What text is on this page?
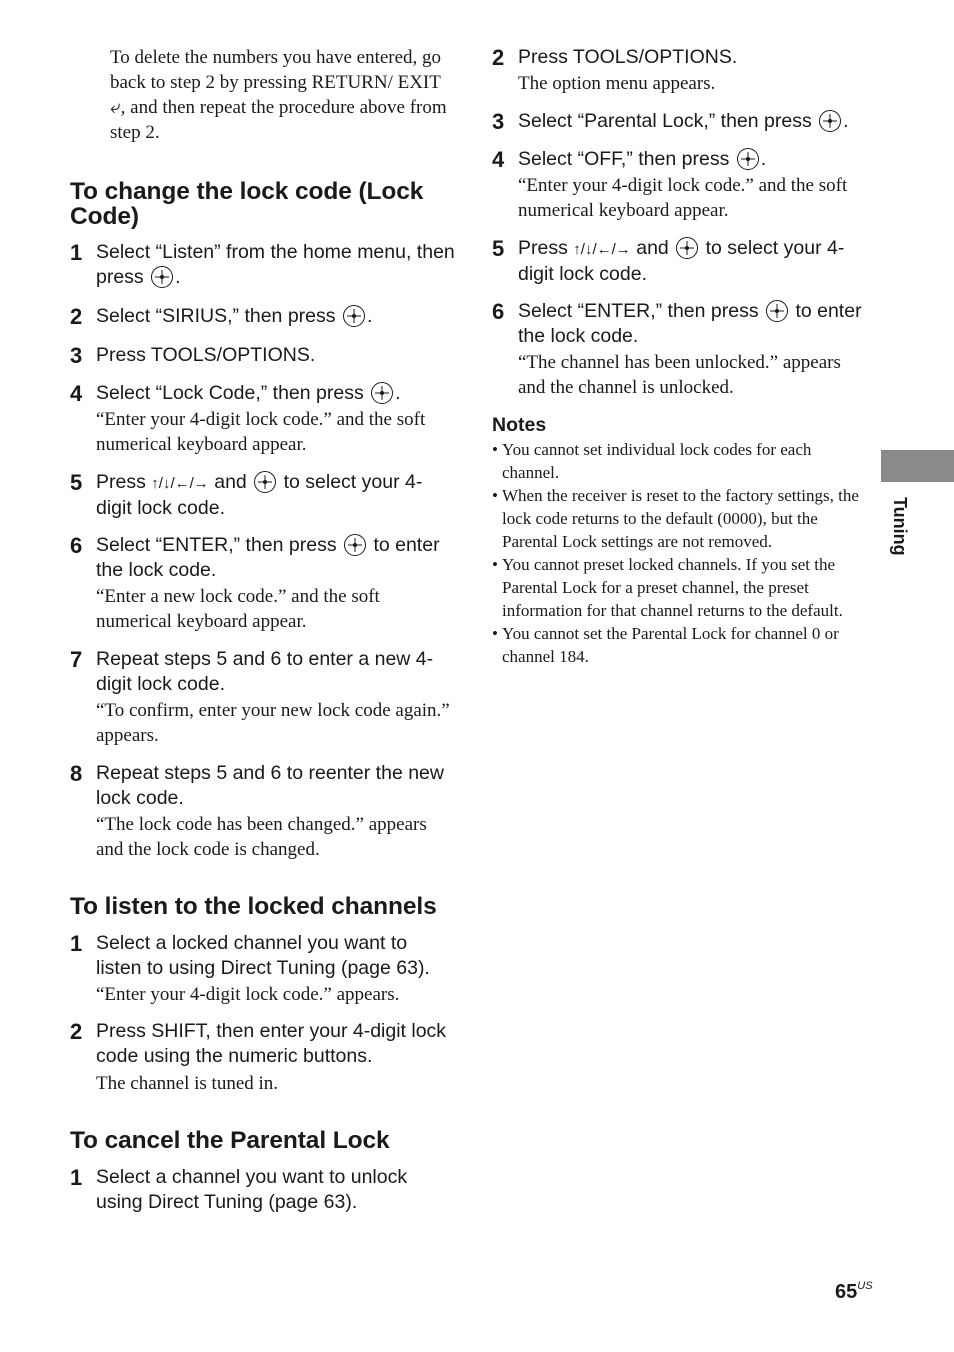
To delete the numbers you have entered, go back to step 2 by pressing RETURN/ EXIT ⤶, and then repeat the procedure above from step 2.
To change the lock code (Lock Code)
1 Select “Listen” from the home menu, then press .
2 Select “SIRIUS,” then press .
3 Press TOOLS/OPTIONS.
4 Select “Lock Code,” then press .
“Enter your 4-digit lock code.” and the soft numerical keyboard appear.
5 Press ↑/↓/←/→ and to select your 4-digit lock code.
6 Select “ENTER,” then press to enter the lock code.
“Enter a new lock code.” and the soft numerical keyboard appear.
7 Repeat steps 5 and 6 to enter a new 4-digit lock code.
“To confirm, enter your new lock code again.” appears.
8 Repeat steps 5 and 6 to reenter the new lock code.
“The lock code has been changed.” appears and the lock code is changed.
To listen to the locked channels
1 Select a locked channel you want to listen to using Direct Tuning (page 63).
“Enter your 4-digit lock code.” appears.
2 Press SHIFT, then enter your 4-digit lock code using the numeric buttons.
The channel is tuned in.
To cancel the Parental Lock
1 Select a channel you want to unlock using Direct Tuning (page 63).
2 Press TOOLS/OPTIONS.
The option menu appears.
3 Select “Parental Lock,” then press .
4 Select “OFF,” then press .
“Enter your 4-digit lock code.” and the soft numerical keyboard appear.
5 Press ↑/↓/←/→ and to select your 4-digit lock code.
6 Select “ENTER,” then press to enter the lock code.
“The channel has been unlocked.” appears and the channel is unlocked.
Notes
• You cannot set individual lock codes for each channel.
• When the receiver is reset to the factory settings, the lock code returns to the default (0000), but the Parental Lock settings are not removed.
• You cannot preset locked channels. If you set the Parental Lock for a preset channel, the preset information for that channel returns to the default.
• You cannot set the Parental Lock for channel 0 or channel 184.
Tuning
$65^{US}$
